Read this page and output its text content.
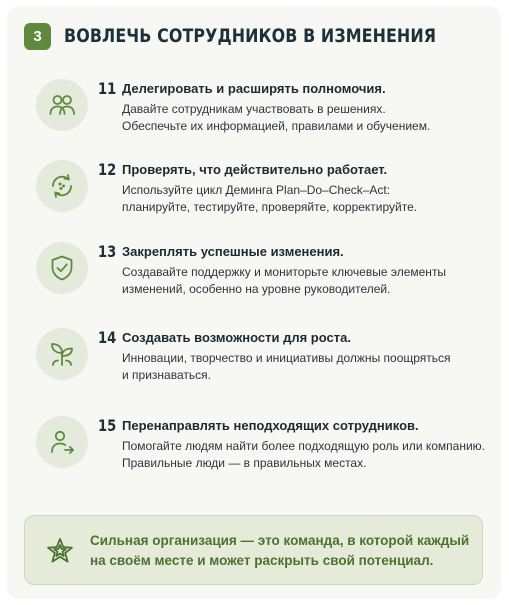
3	ВОВЛЕЧЬ СОТРУДНИКОВ В ИЗМЕНЕНИЯ
11 Делегировать и расширять полномочия.
Давайте сотрудникам участвовать в решениях.
Обеспечьте их информацией, правилами и обучением.
12 Проверять, что действительно работает.
Используйте цикл Деминга Plan–Do–Check–Act:
планируйте, тестируйте, проверяйте, корректируйте.
13 Закреплять успешные изменения.
Создавайте поддержку и мониторьте ключевые элементы
изменений, особенно на уровне руководителей.
14 Создавать возможности для роста.
Инновации, творчество и инициативы должны поощряться
и признаваться.
15 Перенаправлять неподходящих сотрудников.
Помогайте людям найти более подходящую роль или компанию.
Правильные люди — в правильных местах.
Сильная организация — это команда, в которой каждый
на своём месте и может раскрыть свой потенциал.
